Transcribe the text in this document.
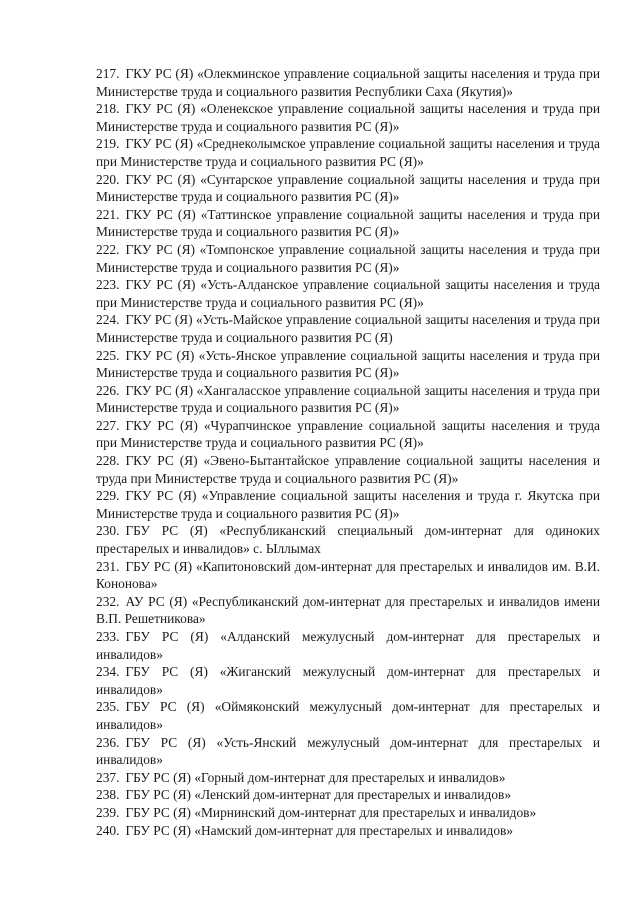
217. ГКУ РС (Я) «Олекминское управление социальной защиты населения и труда при Министерстве труда и социального развития Республики Саха (Якутия)»

218. ГКУ РС (Я) «Оленекское управление социальной защиты населения и труда при Министерстве труда и социального развития РС (Я)»

219. ГКУ РС (Я) «Среднеколымское управление социальной защиты населения и труда при Министерстве труда и социального развития РС (Я)»

220. ГКУ РС (Я) «Сунтарское управление социальной защиты населения и труда при Министерстве труда и социального развития РС (Я)»

221. ГКУ РС (Я) «Таттинское управление социальной защиты населения и труда при Министерстве труда и социального развития РС (Я)»

222. ГКУ РС (Я) «Томпонское управление социальной защиты населения и труда при Министерстве труда и социального развития РС (Я)»

223. ГКУ РС (Я) «Усть-Алданское управление социальной защиты населения и труда при Министерстве труда и социального развития РС (Я)»

224. ГКУ РС (Я) «Усть-Майское управление социальной защиты населения и труда при Министерстве труда и социального развития РС (Я)

225. ГКУ РС (Я) «Усть-Янское управление социальной защиты населения и труда при Министерстве труда и социального развития РС (Я)»

226. ГКУ РС (Я) «Хангаласское управление социальной защиты населения и труда при Министерстве труда и социального развития РС (Я)»

227. ГКУ РС (Я) «Чурапчинское управление социальной защиты населения и труда при Министерстве труда и социального развития РС (Я)»

228. ГКУ РС (Я) «Эвено-Бытантайское управление социальной защиты населения и труда при Министерстве труда и социального развития РС (Я)»

229. ГКУ РС (Я) «Управление социальной защиты населения и труда г. Якутска при Министерстве труда и социального развития РС (Я)»

230. ГБУ РС (Я) «Республиканский специальный дом-интернат для одиноких престарелых и инвалидов» с. Ыллымах

231. ГБУ РС (Я) «Капитоновский дом-интернат для престарелых и инвалидов им. В.И. Кононова»

232. АУ РС (Я) «Республиканский дом-интернат для престарелых и инвалидов имени В.П. Решетникова»

233. ГБУ РС (Я) «Алданский межулусный дом-интернат для престарелых и инвалидов»

234. ГБУ РС (Я) «Жиганский межулусный дом-интернат для престарелых и инвалидов»

235. ГБУ РС (Я) «Оймяконский межулусный дом-интернат для престарелых и инвалидов»

236. ГБУ РС (Я) «Усть-Янский межулусный дом-интернат для престарелых и инвалидов»

237. ГБУ РС (Я) «Горный дом-интернат для престарелых и инвалидов»

238. ГБУ РС (Я) «Ленский дом-интернат для престарелых и инвалидов»

239. ГБУ РС (Я) «Мирнинский дом-интернат для престарелых и инвалидов»

240. ГБУ РС (Я) «Намский дом-интернат для престарелых и инвалидов»
